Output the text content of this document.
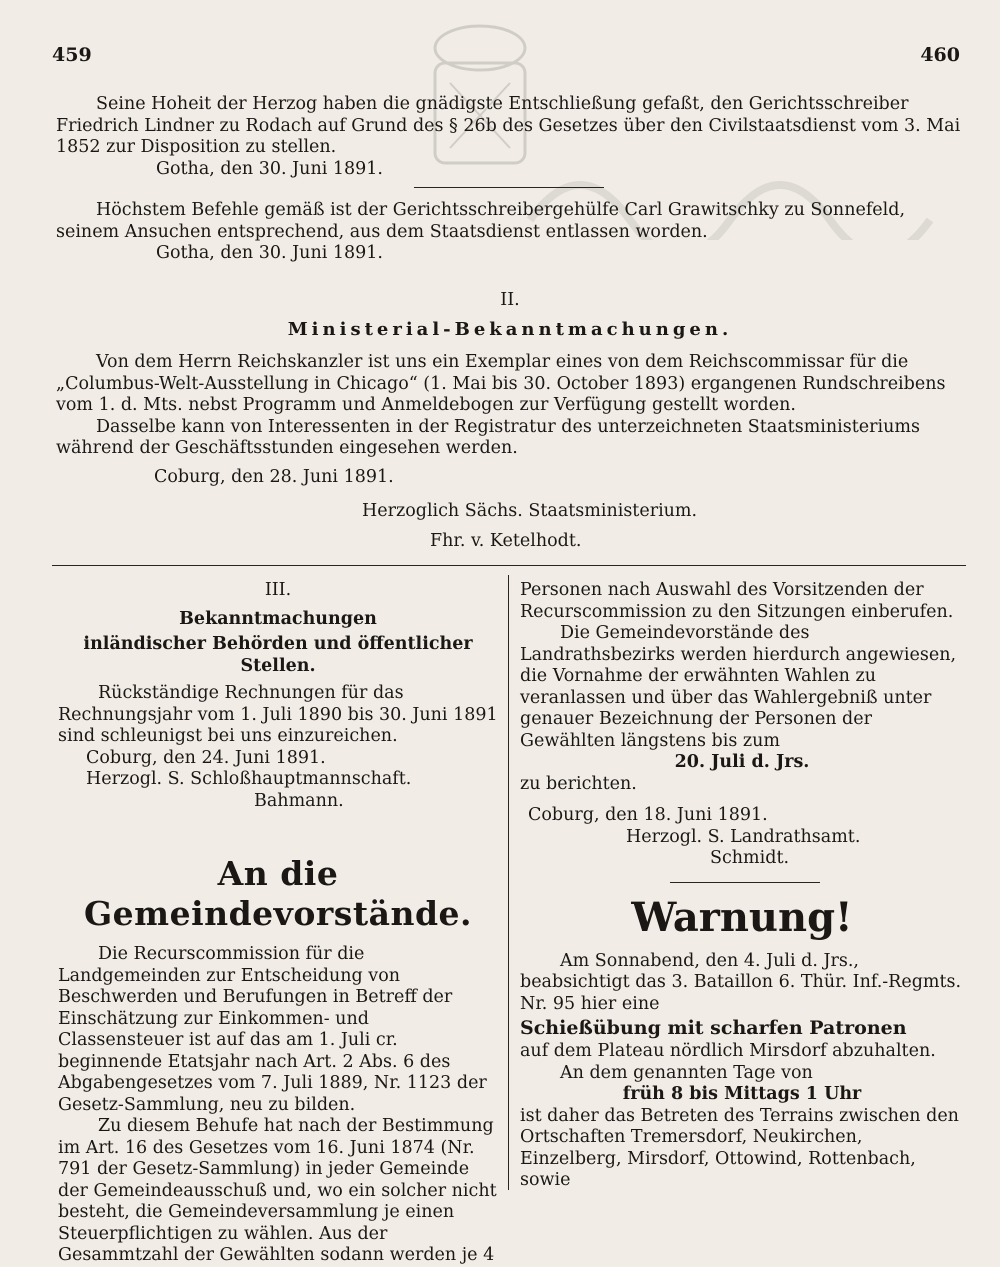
459	460

Seine Hoheit der Herzog haben die gnädigste Entschließung gefaßt, den Gerichtsschreiber Friedrich Lindner zu Rodach auf Grund des § 26b des Gesetzes über den Civilstaatsdienst vom 3. Mai 1852 zur Disposition zu stellen.

Gotha, den 30. Juni 1891.

Höchstem Befehle gemäß ist der Gerichtsschreibergehülfe Carl Grawitschky zu Sonnefeld, seinem Ansuchen entsprechend, aus dem Staatsdienst entlassen worden.

Gotha, den 30. Juni 1891.

II.
Ministerial-Bekanntmachungen.

Von dem Herrn Reichskanzler ist uns ein Exemplar eines von dem Reichscommissar für die „Columbus-Welt-Ausstellung in Chicago“ (1. Mai bis 30. October 1893) ergangenen Rundschreibens vom 1. d. Mts. nebst Programm und Anmeldebogen zur Verfügung gestellt worden.

Dasselbe kann von Interessenten in der Registratur des unterzeichneten Staatsministeriums während der Geschäftsstunden eingesehen werden.

Coburg, den 28. Juni 1891.
Herzoglich Sächs. Staatsministerium.
Fhr. v. Ketelhodt.

III.

Bekanntmachungen

inländischer Behörden und öffentlicher Stellen.

Rückständige Rechnungen für das Rechnungsjahr vom 1. Juli 1890 bis 30. Juni 1891 sind schleunigst bei uns einzureichen.

Coburg, den 24. Juni 1891.

Herzogl. S. Schloßhauptmannschaft.

Bahmann.

An die Gemeindevorstände.

Die Recurscommission für die Landgemeinden zur Entscheidung von Beschwerden und Berufungen in Betreff der Einschätzung zur Einkommen- und Classensteuer ist auf das am 1. Juli cr. beginnende Etatsjahr nach Art. 2 Abs. 6 des Abgabengesetzes vom 7. Juli 1889, Nr. 1123 der Gesetz-Sammlung, neu zu bilden.

Zu diesem Behufe hat nach der Bestimmung im Art. 16 des Gesetzes vom 16. Juni 1874 (Nr. 791 der Gesetz-Sammlung) in jeder Gemeinde der Gemeindeausschuß und, wo ein solcher nicht besteht, die Gemeindeversammlung je einen Steuerpflichtigen zu wählen. Aus der Gesammtzahl der Gewählten sodann werden je 4

Personen nach Auswahl des Vorsitzenden der Recurscommission zu den Sitzungen einberufen.

Die Gemeindevorstände des Landrathsbezirks werden hierdurch angewiesen, die Vornahme der erwähnten Wahlen zu veranlassen und über das Wahlergebniß unter genauer Bezeichnung der Personen der Gewählten längstens bis zum

20. Juli d. Jrs.

zu berichten.

Coburg, den 18. Juni 1891.

Herzogl. S. Landrathsamt.

Schmidt.

Warnung!

Am Sonnabend, den 4. Juli d. Jrs., beabsichtigt das 3. Bataillon 6. Thür. Inf.-Regmts. Nr. 95 hier eine

Schießübung mit scharfen Patronen

auf dem Plateau nördlich Mirsdorf abzuhalten.

An dem genannten Tage von

früh 8 bis Mittags 1 Uhr

ist daher das Betreten des Terrains zwischen den Ortschaften Tremersdorf, Neukirchen, Einzelberg, Mirsdorf, Ottowind, Rottenbach, sowie
